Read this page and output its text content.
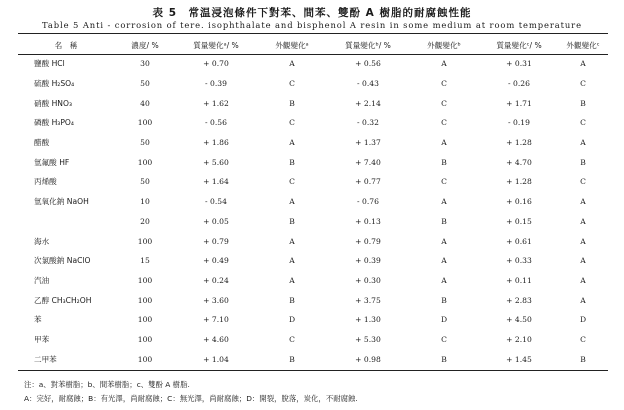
表 5　常温浸泡條件下對苯、間苯、雙酚 A 樹脂的耐腐蝕性能
Table 5 Anti - corrosion of tere. isophthalate and bisphenol A resin in some medium at room temperature
名　稱	濃度/ %	質量變化ᵃ/ %	外觀變化ᵃ	質量變化ᵇ/ %	外觀變化ᵇ	質量變化ᶜ/ %	外觀變化ᶜ
鹽酸 HCl	30	+ 0.70	A	+ 0.56	A	+ 0.31	A
硫酸 H₂SO₄	50	- 0.39	C	- 0.43	C	- 0.26	C
硝酸 HNO₃	40	+ 1.62	B	+ 2.14	C	+ 1.71	B
磷酸 H₃PO₄	100	- 0.56	C	- 0.32	C	- 0.19	C
醋酸	50	+ 1.86	A	+ 1.37	A	+ 1.28	A
氫氟酸 HF	100	+ 5.60	B	+ 7.40	B	+ 4.70	B
丙烯酸	50	+ 1.64	C	+ 0.77	C	+ 1.28	C
氫氧化鈉 NaOH	10	- 0.54	A	- 0.76	A	+ 0.16	A
	20	+ 0.05	B	+ 0.13	B	+ 0.15	A
海水	100	+ 0.79	A	+ 0.79	A	+ 0.61	A
次氯酸鈉 NaClO	15	+ 0.49	A	+ 0.39	A	+ 0.33	A
汽油	100	+ 0.24	A	+ 0.30	A	+ 0.11	A
乙醇 CH₃CH₂OH	100	+ 3.60	B	+ 3.75	B	+ 2.83	A
苯	100	+ 7.10	D	+ 1.30	D	+ 4.50	D
甲苯	100	+ 4.60	C	+ 5.30	C	+ 2.10	C
二甲苯	100	+ 1.04	B	+ 0.98	B	+ 1.45	B
注：a、對苯樹脂；b、間苯樹脂；c、雙酚 A 樹脂.
A：完好，耐腐蝕；B：有光澤，尚耐腐蝕；C：無光澤，尚耐腐蝕；D：開裂，脫落，炭化，不耐腐蝕.
